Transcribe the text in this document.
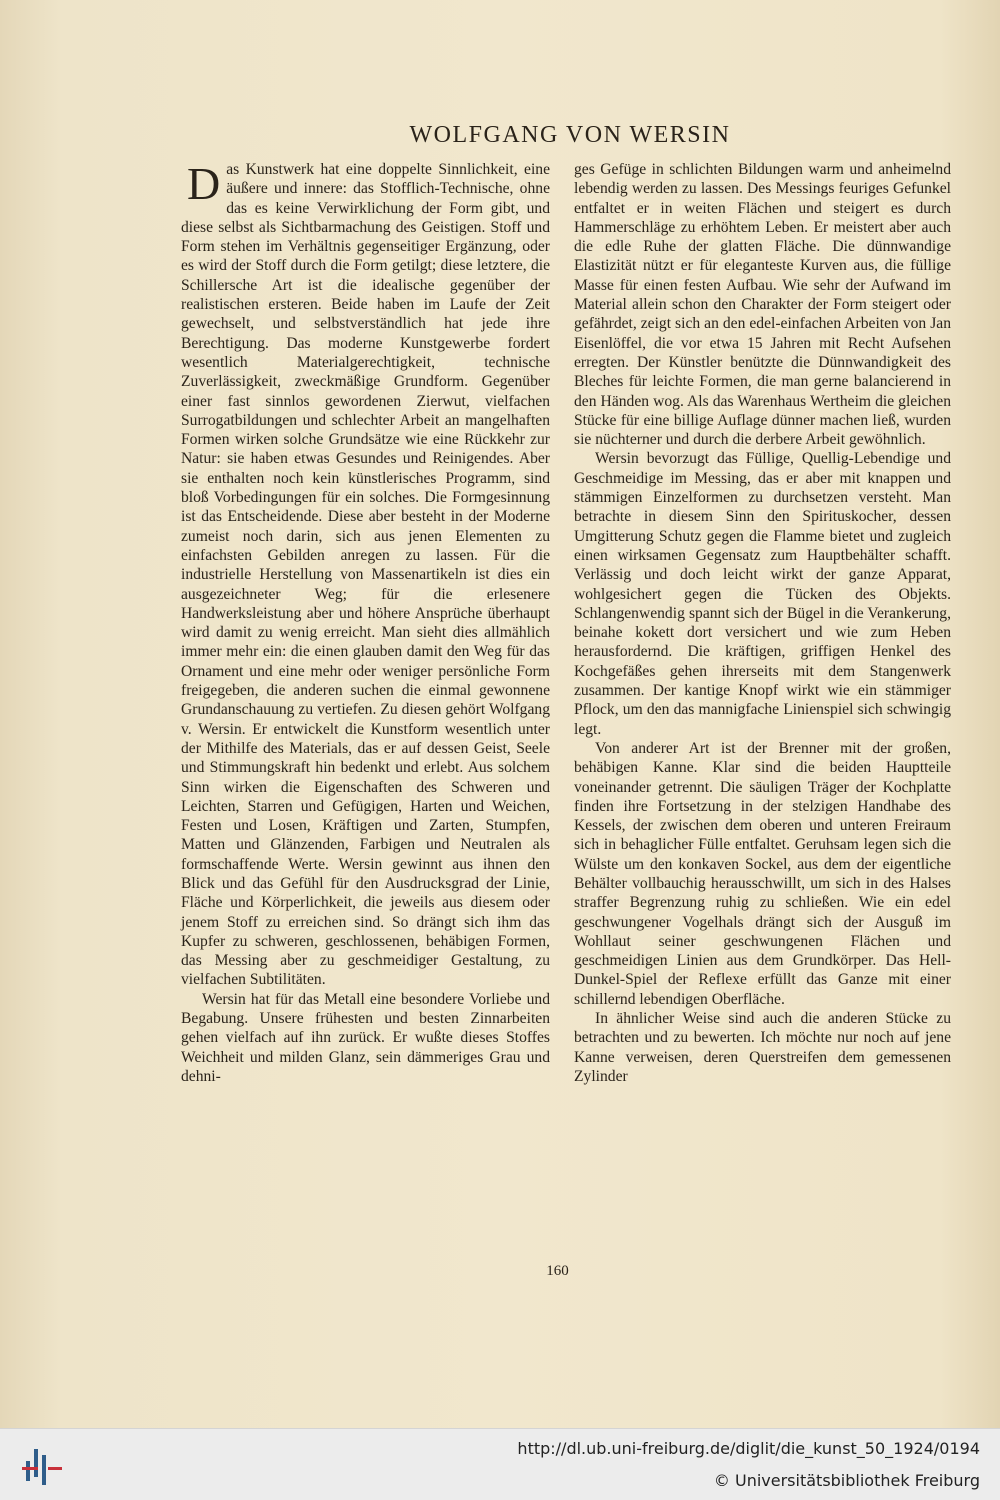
WOLFGANG VON WERSIN

Das Kunstwerk hat eine doppelte Sinnlichkeit, eine äußere und innere: das Stofflich-Technische, ohne das es keine Verwirklichung der Form gibt, und diese selbst als Sichtbarmachung des Geistigen. Stoff und Form stehen im Verhältnis gegenseitiger Ergänzung, oder es wird der Stoff durch die Form getilgt; diese letztere, die Schillersche Art ist die idealische gegenüber der realistischen ersteren. Beide haben im Laufe der Zeit gewechselt, und selbstverständlich hat jede ihre Berechtigung. Das moderne Kunstgewerbe fordert wesentlich Materialgerechtigkeit, technische Zuverlässigkeit, zweckmäßige Grundform. Gegenüber einer fast sinnlos gewordenen Zierwut, vielfachen Surrogatbildungen und schlechter Arbeit an mangelhaften Formen wirken solche Grundsätze wie eine Rückkehr zur Natur: sie haben etwas Gesundes und Reinigendes. Aber sie enthalten noch kein künstlerisches Programm, sind bloß Vorbedingungen für ein solches. Die Formgesinnung ist das Entscheidende. Diese aber besteht in der Moderne zumeist noch darin, sich aus jenen Elementen zu einfachsten Gebilden anregen zu lassen. Für die industrielle Herstellung von Massenartikeln ist dies ein ausgezeichneter Weg; für die erlesenere Handwerksleistung aber und höhere Ansprüche überhaupt wird damit zu wenig erreicht. Man sieht dies allmählich immer mehr ein: die einen glauben damit den Weg für das Ornament und eine mehr oder weniger persönliche Form freigegeben, die anderen suchen die einmal gewonnene Grundanschauung zu vertiefen. Zu diesen gehört Wolfgang v. Wersin. Er entwickelt die Kunstform wesentlich unter der Mithilfe des Materials, das er auf dessen Geist, Seele und Stimmungskraft hin bedenkt und erlebt. Aus solchem Sinn wirken die Eigenschaften des Schweren und Leichten, Starren und Gefügigen, Harten und Weichen, Festen und Losen, Kräftigen und Zarten, Stumpfen, Matten und Glänzenden, Farbigen und Neutralen als formschaffende Werte. Wersin gewinnt aus ihnen den Blick und das Gefühl für den Ausdrucksgrad der Linie, Fläche und Körperlichkeit, die jeweils aus diesem oder jenem Stoff zu erreichen sind. So drängt sich ihm das Kupfer zu schweren, geschlossenen, behäbigen Formen, das Messing aber zu geschmeidiger Gestaltung, zu vielfachen Subtilitäten.

Wersin hat für das Metall eine besondere Vorliebe und Begabung. Unsere frühesten und besten Zinnarbeiten gehen vielfach auf ihn zurück. Er wußte dieses Stoffes Weichheit und milden Glanz, sein dämmeriges Grau und dehni-

ges Gefüge in schlichten Bildungen warm und anheimelnd lebendig werden zu lassen. Des Messings feuriges Gefunkel entfaltet er in weiten Flächen und steigert es durch Hammerschläge zu erhöhtem Leben. Er meistert aber auch die edle Ruhe der glatten Fläche. Die dünnwandige Elastizität nützt er für eleganteste Kurven aus, die füllige Masse für einen festen Aufbau. Wie sehr der Aufwand im Material allein schon den Charakter der Form steigert oder gefährdet, zeigt sich an den edel-einfachen Arbeiten von Jan Eisenlöffel, die vor etwa 15 Jahren mit Recht Aufsehen erregten. Der Künstler benützte die Dünnwandigkeit des Bleches für leichte Formen, die man gerne balancierend in den Händen wog. Als das Warenhaus Wertheim die gleichen Stücke für eine billige Auflage dünner machen ließ, wurden sie nüchterner und durch die derbere Arbeit gewöhnlich.

Wersin bevorzugt das Füllige, Quellig-Lebendige und Geschmeidige im Messing, das er aber mit knappen und stämmigen Einzelformen zu durchsetzen versteht. Man betrachte in diesem Sinn den Spirituskocher, dessen Umgitterung Schutz gegen die Flamme bietet und zugleich einen wirksamen Gegensatz zum Hauptbehälter schafft. Verlässig und doch leicht wirkt der ganze Apparat, wohlgesichert gegen die Tücken des Objekts. Schlangenwendig spannt sich der Bügel in die Verankerung, beinahe kokett dort versichert und wie zum Heben herausfordernd. Die kräftigen, griffigen Henkel des Kochgefäßes gehen ihrerseits mit dem Stangenwerk zusammen. Der kantige Knopf wirkt wie ein stämmiger Pflock, um den das mannigfache Linienspiel sich schwingig legt.

Von anderer Art ist der Brenner mit der großen, behäbigen Kanne. Klar sind die beiden Hauptteile voneinander getrennt. Die säuligen Träger der Kochplatte finden ihre Fortsetzung in der stelzigen Handhabe des Kessels, der zwischen dem oberen und unteren Freiraum sich in behaglicher Fülle entfaltet. Geruhsam legen sich die Wülste um den konkaven Sockel, aus dem der eigentliche Behälter vollbauchig herausschwillt, um sich in des Halses straffer Begrenzung ruhig zu schließen. Wie ein edel geschwungener Vogelhals drängt sich der Ausguß im Wohllaut seiner geschwungenen Flächen und geschmeidigen Linien aus dem Grundkörper. Das Hell-Dunkel-Spiel der Reflexe erfüllt das Ganze mit einer schillernd lebendigen Oberfläche.

In ähnlicher Weise sind auch die anderen Stücke zu betrachten und zu bewerten. Ich möchte nur noch auf jene Kanne verweisen, deren Querstreifen dem gemessenen Zylinder

160
http://dl.ub.uni-freiburg.de/diglit/die_kunst_50_1924/0194
© Universitätsbibliothek Freiburg
